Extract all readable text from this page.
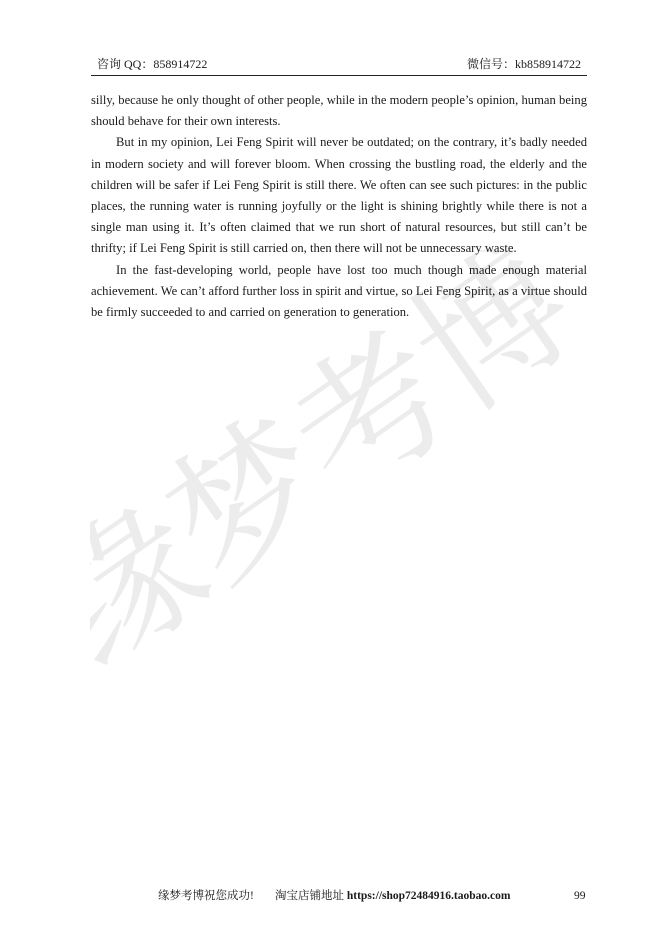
缘梦考博
咨询 QQ：858914722	微信号：kb858914722

silly, because he only thought of other people, while in the modern people’s opinion, human being should behave for their own interests.

But in my opinion, Lei Feng Spirit will never be outdated; on the contrary, it’s badly needed in modern society and will forever bloom. When crossing the bustling road, the elderly and the children will be safer if Lei Feng Spirit is still there. We often can see such pictures: in the public places, the running water is running joyfully or the light is shining brightly while there is not a single man using it. It’s often claimed that we run short of natural resources, but still can’t be thrifty; if Lei Feng Spirit is still carried on, then there will not be unnecessary waste.

In the fast-developing world, people have lost too much though made enough material achievement. We can’t afford further loss in spirit and virtue, so Lei Feng Spirit, as a virtue should be firmly succeeded to and carried on generation to generation.

缘梦考博祝您成功! 淘宝店铺地址 https://shop72484916.taobao.com	99
